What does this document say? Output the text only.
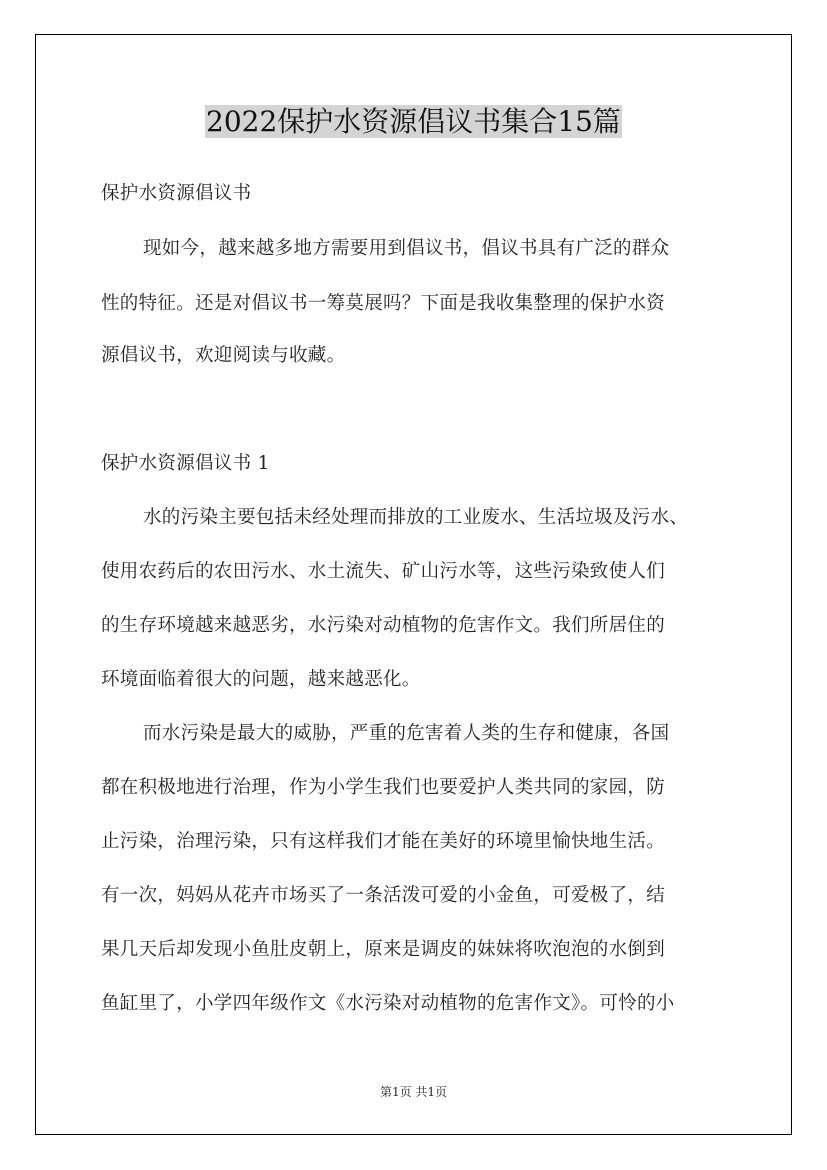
2022保护水资源倡议书集合15篇
保护水资源倡议书
现如今，越来越多地方需要用到倡议书，倡议书具有广泛的群众
性的特征。还是对倡议书一筹莫展吗？下面是我收集整理的保护水资
源倡议书，欢迎阅读与收藏。
保护水资源倡议书 1
水的污染主要包括未经处理而排放的工业废水、生活垃圾及污水、
使用农药后的农田污水、水土流失、矿山污水等，这些污染致使人们
的生存环境越来越恶劣，水污染对动植物的危害作文。我们所居住的
环境面临着很大的问题，越来越恶化。
而水污染是最大的威胁，严重的危害着人类的生存和健康，各国
都在积极地进行治理，作为小学生我们也要爱护人类共同的家园，防
止污染，治理污染，只有这样我们才能在美好的环境里愉快地生活。
有一次，妈妈从花卉市场买了一条活泼可爱的小金鱼，可爱极了，结
果几天后却发现小鱼肚皮朝上，原来是调皮的妹妹将吹泡泡的水倒到
鱼缸里了，小学四年级作文《水污染对动植物的危害作文》。可怜的小
第1页 共1页
